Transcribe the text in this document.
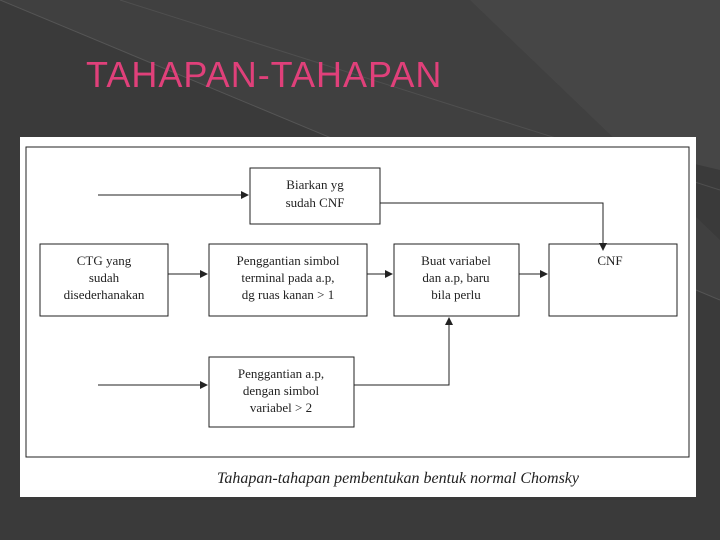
TAHAPAN-TAHAPAN
Biarkan yg
sudah CNF
CTG yang
sudah
disederhanakan
Penggantian simbol
terminal pada a.p,
dg ruas kanan > 1
Buat variabel
dan a.p, baru
bila perlu
CNF
Penggantian a.p,
dengan simbol
variabel > 2
Tahapan-tahapan pembentukan bentuk normal Chomsky
